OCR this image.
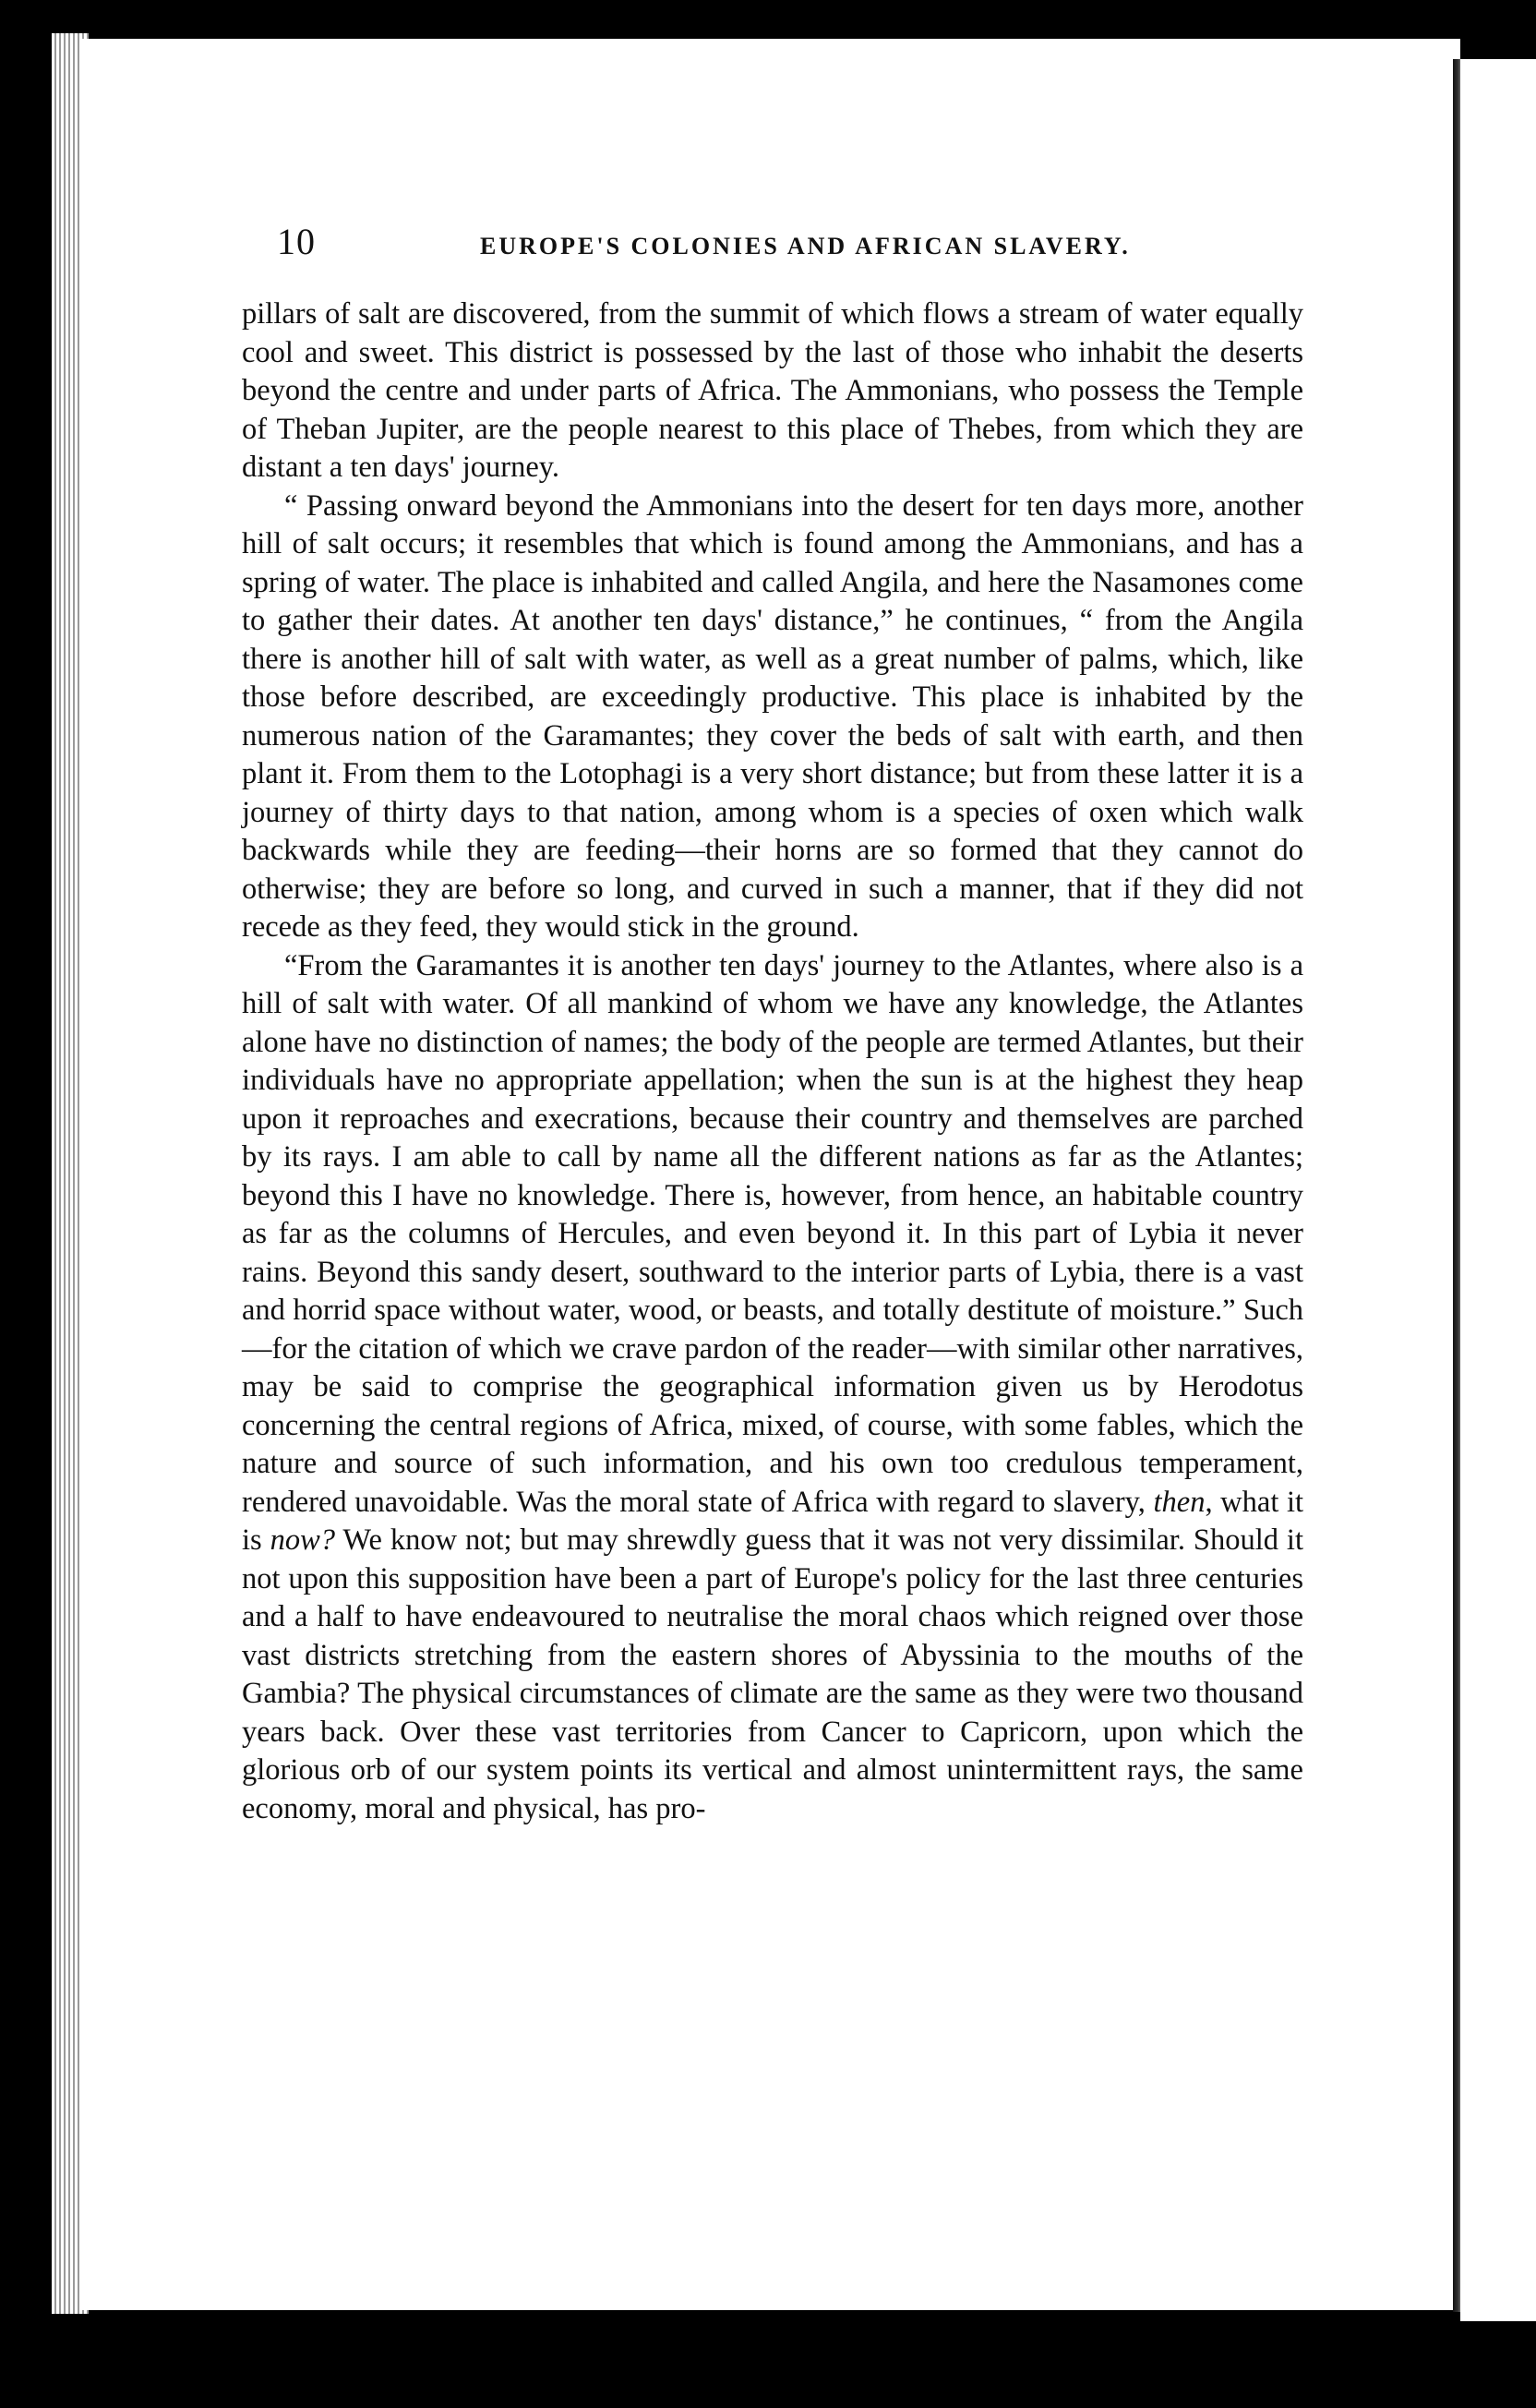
10	EUROPE'S COLONIES AND AFRICAN SLAVERY.

pillars of salt are discovered, from the summit of which flows a stream of water equally cool and sweet. This district is possessed by the last of those who inhabit the deserts beyond the centre and under parts of Africa. The Ammonians, who possess the Temple of Theban Jupiter, are the people nearest to this place of Thebes, from which they are distant a ten days' journey.

“ Passing onward beyond the Ammonians into the desert for ten days more, another hill of salt occurs; it resembles that which is found among the Ammonians, and has a spring of water. The place is inhabited and called Angila, and here the Nasamones come to gather their dates. At another ten days' distance,” he continues, “ from the Angila there is another hill of salt with water, as well as a great number of palms, which, like those before described, are exceedingly productive. This place is inhabited by the numerous nation of the Garamantes; they cover the beds of salt with earth, and then plant it. From them to the Lotophagi is a very short distance; but from these latter it is a journey of thirty days to that nation, among whom is a species of oxen which walk backwards while they are feeding—their horns are so formed that they cannot do otherwise; they are before so long, and curved in such a manner, that if they did not recede as they feed, they would stick in the ground.

“From the Garamantes it is another ten days' journey to the Atlantes, where also is a hill of salt with water. Of all mankind of whom we have any knowledge, the Atlantes alone have no distinction of names; the body of the people are termed Atlantes, but their individuals have no appropriate appellation; when the sun is at the highest they heap upon it reproaches and execrations, because their country and themselves are parched by its rays. I am able to call by name all the different nations as far as the Atlantes; beyond this I have no knowledge. There is, however, from hence, an habitable country as far as the columns of Hercules, and even beyond it. In this part of Lybia it never rains. Beyond this sandy desert, southward to the interior parts of Lybia, there is a vast and horrid space without water, wood, or beasts, and totally destitute of moisture.” Such—for the citation of which we crave pardon of the reader—with similar other narratives, may be said to comprise the geographical information given us by Herodotus concerning the central regions of Africa, mixed, of course, with some fables, which the nature and source of such information, and his own too credulous temperament, rendered unavoidable. Was the moral state of Africa with regard to slavery, then, what it is now? We know not; but may shrewdly guess that it was not very dissimilar. Should it not upon this supposition have been a part of Europe's policy for the last three centuries and a half to have endeavoured to neutralise the moral chaos which reigned over those vast districts stretching from the eastern shores of Abyssinia to the mouths of the Gambia? The physical circumstances of climate are the same as they were two thousand years back. Over these vast territories from Cancer to Capricorn, upon which the glorious orb of our system points its vertical and almost unintermittent rays, the same economy, moral and physical, has pro-
